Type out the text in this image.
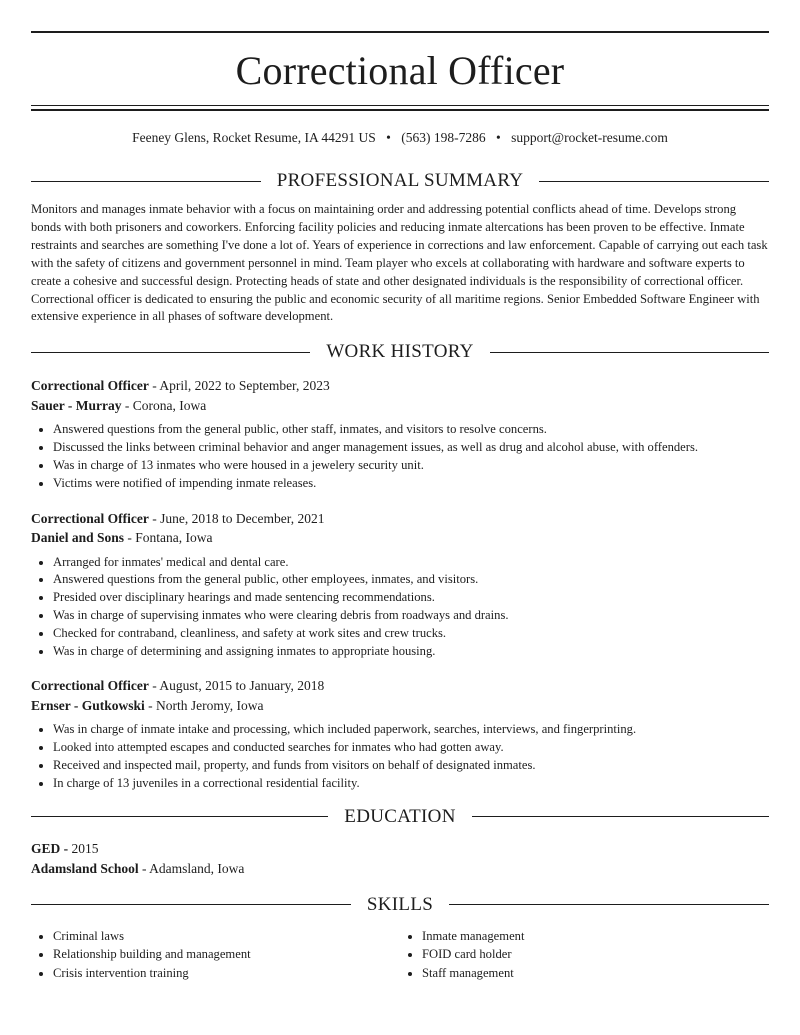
Correctional Officer
Feeney Glens, Rocket Resume, IA 44291 US • (563) 198-7286 • support@rocket-resume.com
PROFESSIONAL SUMMARY
Monitors and manages inmate behavior with a focus on maintaining order and addressing potential conflicts ahead of time. Develops strong bonds with both prisoners and coworkers. Enforcing facility policies and reducing inmate altercations has been proven to be effective. Inmate restraints and searches are something I've done a lot of. Years of experience in corrections and law enforcement. Capable of carrying out each task with the safety of citizens and government personnel in mind. Team player who excels at collaborating with hardware and software experts to create a cohesive and successful design. Protecting heads of state and other designated individuals is the responsibility of correctional officer. Correctional officer is dedicated to ensuring the public and economic security of all maritime regions. Senior Embedded Software Engineer with extensive experience in all phases of software development.
WORK HISTORY
Correctional Officer - April, 2022 to September, 2023
Sauer - Murray - Corona, Iowa
• Answered questions from the general public, other staff, inmates, and visitors to resolve concerns.
• Discussed the links between criminal behavior and anger management issues, as well as drug and alcohol abuse, with offenders.
• Was in charge of 13 inmates who were housed in a jewelery security unit.
• Victims were notified of impending inmate releases.
Correctional Officer - June, 2018 to December, 2021
Daniel and Sons - Fontana, Iowa
• Arranged for inmates' medical and dental care.
• Answered questions from the general public, other employees, inmates, and visitors.
• Presided over disciplinary hearings and made sentencing recommendations.
• Was in charge of supervising inmates who were clearing debris from roadways and drains.
• Checked for contraband, cleanliness, and safety at work sites and crew trucks.
• Was in charge of determining and assigning inmates to appropriate housing.
Correctional Officer - August, 2015 to January, 2018
Ernser - Gutkowski - North Jeromy, Iowa
• Was in charge of inmate intake and processing, which included paperwork, searches, interviews, and fingerprinting.
• Looked into attempted escapes and conducted searches for inmates who had gotten away.
• Received and inspected mail, property, and funds from visitors on behalf of designated inmates.
• In charge of 13 juveniles in a correctional residential facility.
EDUCATION
GED - 2015
Adamsland School - Adamsland, Iowa
SKILLS
• Criminal laws
• Relationship building and management
• Crisis intervention training
• Inmate management
• FOID card holder
• Staff management
